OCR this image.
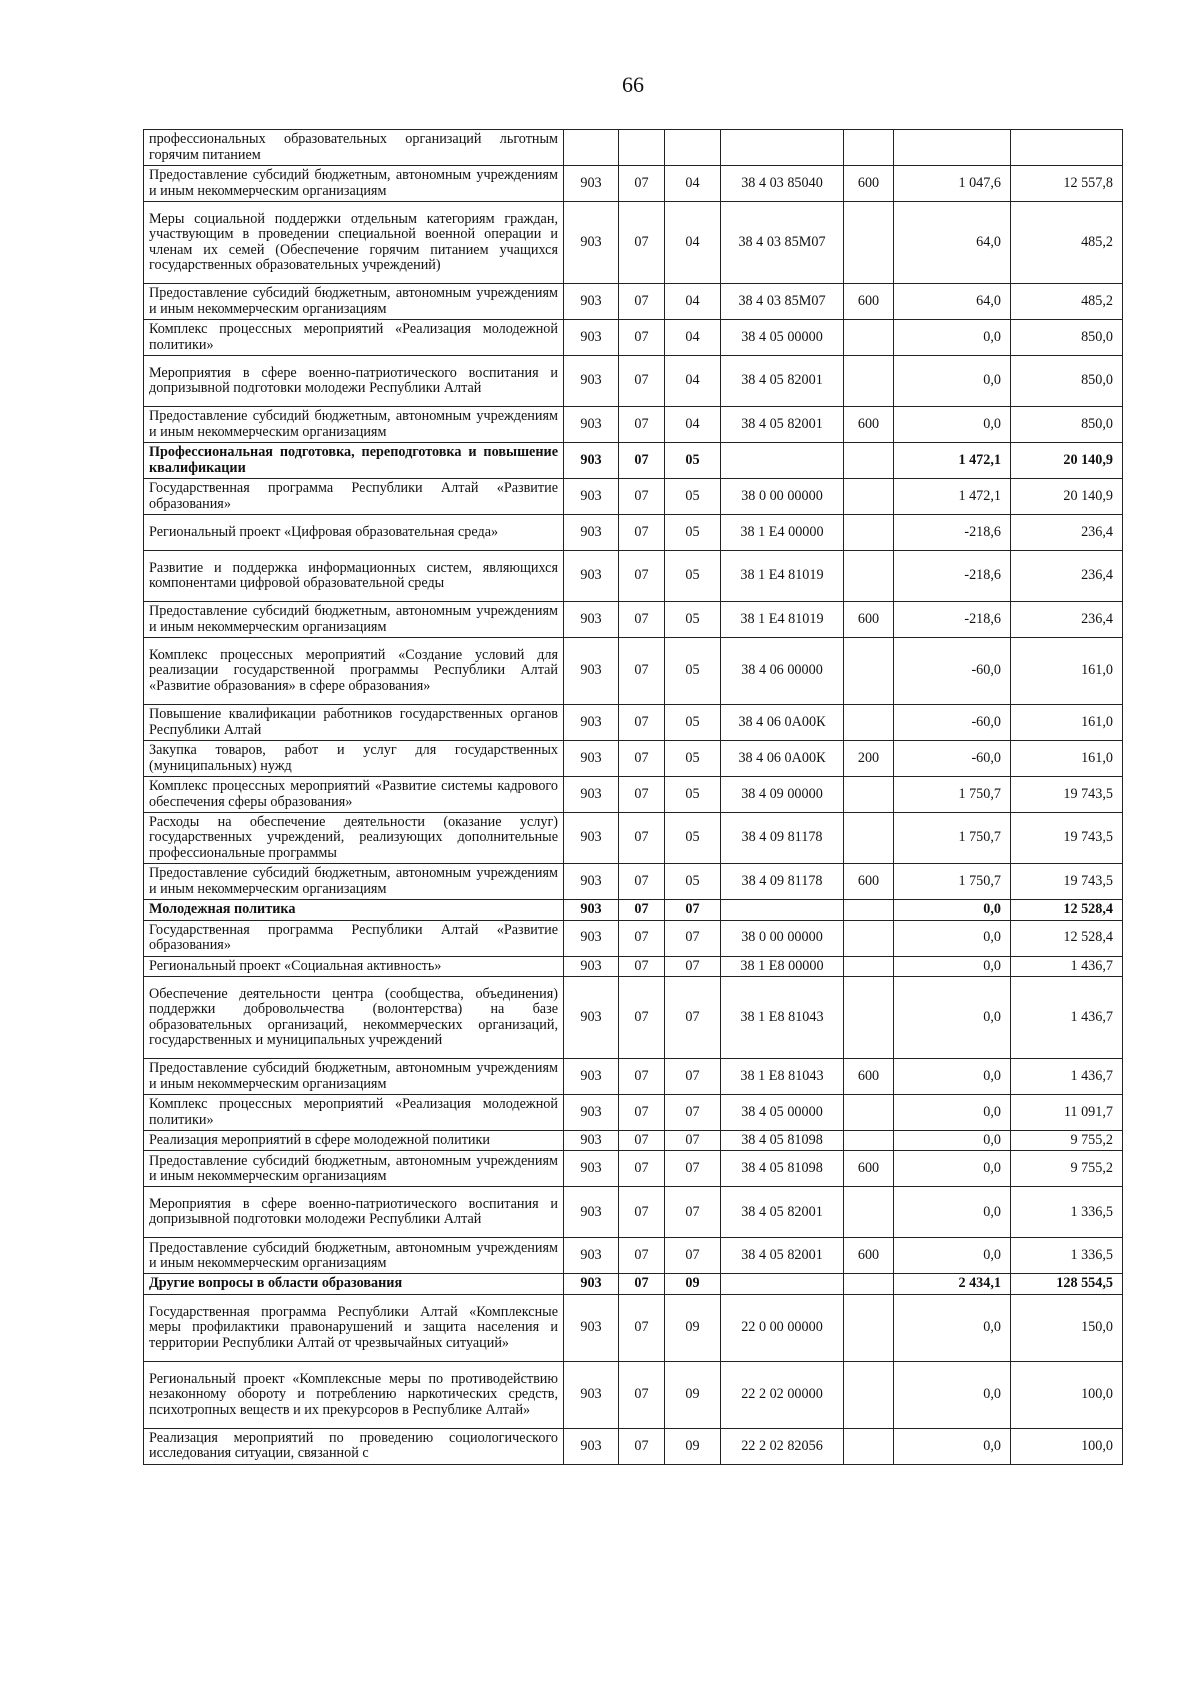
66
профессиональных образовательных организаций льготным горячим питанием							
Предоставление субсидий бюджетным, автономным учреждениям и иным некоммерческим организациям	903	07	04	38 4 03 85040	600	1 047,6	12 557,8
Меры социальной поддержки отдельным категориям граждан, участвующим в проведении специальной военной операции и членам их семей (Обеспечение горячим питанием учащихся государственных образовательных учреждений)	903	07	04	38 4 03 85М07		64,0	485,2
Предоставление субсидий бюджетным, автономным учреждениям и иным некоммерческим организациям	903	07	04	38 4 03 85М07	600	64,0	485,2
Комплекс процессных мероприятий «Реализация молодежной политики»	903	07	04	38 4 05 00000		0,0	850,0
Мероприятия в сфере военно-патриотического воспитания и допризывной подготовки молодежи Республики Алтай	903	07	04	38 4 05 82001		0,0	850,0
Предоставление субсидий бюджетным, автономным учреждениям и иным некоммерческим организациям	903	07	04	38 4 05 82001	600	0,0	850,0
Профессиональная подготовка, переподготовка и повышение квалификации	903	07	05			1 472,1	20 140,9
Государственная программа Республики Алтай «Развитие образования»	903	07	05	38 0 00 00000		1 472,1	20 140,9
Региональный проект «Цифровая образовательная среда»	903	07	05	38 1 E4 00000		-218,6	236,4
Развитие и поддержка информационных систем, являющихся компонентами цифровой образовательной среды	903	07	05	38 1 E4 81019		-218,6	236,4
Предоставление субсидий бюджетным, автономным учреждениям и иным некоммерческим организациям	903	07	05	38 1 E4 81019	600	-218,6	236,4
Комплекс процессных мероприятий «Создание условий для реализации государственной программы Республики Алтай «Развитие образования» в сфере образования»	903	07	05	38 4 06 00000		-60,0	161,0
Повышение квалификации работников государственных органов Республики Алтай	903	07	05	38 4 06 0А00К		-60,0	161,0
Закупка товаров, работ и услуг для государственных (муниципальных) нужд	903	07	05	38 4 06 0А00К	200	-60,0	161,0
Комплекс процессных мероприятий «Развитие системы кадрового обеспечения сферы образования»	903	07	05	38 4 09 00000		1 750,7	19 743,5
Расходы на обеспечение деятельности (оказание услуг) государственных учреждений, реализующих дополнительные профессиональные программы	903	07	05	38 4 09 81178		1 750,7	19 743,5
Предоставление субсидий бюджетным, автономным учреждениям и иным некоммерческим организациям	903	07	05	38 4 09 81178	600	1 750,7	19 743,5
Молодежная политика	903	07	07			0,0	12 528,4
Государственная программа Республики Алтай «Развитие образования»	903	07	07	38 0 00 00000		0,0	12 528,4
Региональный проект «Социальная активность»	903	07	07	38 1 E8 00000		0,0	1 436,7
Обеспечение деятельности центра (сообщества, объединения) поддержки добровольчества (волонтерства) на базе образовательных организаций, некоммерческих организаций, государственных и муниципальных учреждений	903	07	07	38 1 E8 81043		0,0	1 436,7
Предоставление субсидий бюджетным, автономным учреждениям и иным некоммерческим организациям	903	07	07	38 1 E8 81043	600	0,0	1 436,7
Комплекс процессных мероприятий «Реализация молодежной политики»	903	07	07	38 4 05 00000		0,0	11 091,7
Реализация мероприятий в сфере молодежной политики	903	07	07	38 4 05 81098		0,0	9 755,2
Предоставление субсидий бюджетным, автономным учреждениям и иным некоммерческим организациям	903	07	07	38 4 05 81098	600	0,0	9 755,2
Мероприятия в сфере военно-патриотического воспитания и допризывной подготовки молодежи Республики Алтай	903	07	07	38 4 05 82001		0,0	1 336,5
Предоставление субсидий бюджетным, автономным учреждениям и иным некоммерческим организациям	903	07	07	38 4 05 82001	600	0,0	1 336,5
Другие вопросы в области образования	903	07	09			2 434,1	128 554,5
Государственная программа Республики Алтай «Комплексные меры профилактики правонарушений и защита населения и территории Республики Алтай от чрезвычайных ситуаций»	903	07	09	22 0 00 00000		0,0	150,0
Региональный проект «Комплексные меры по противодействию незаконному обороту и потреблению наркотических средств, психотропных веществ и их прекурсоров в Республике Алтай»	903	07	09	22 2 02 00000		0,0	100,0
Реализация мероприятий по проведению социологического исследования ситуации, связанной с	903	07	09	22 2 02 82056		0,0	100,0
